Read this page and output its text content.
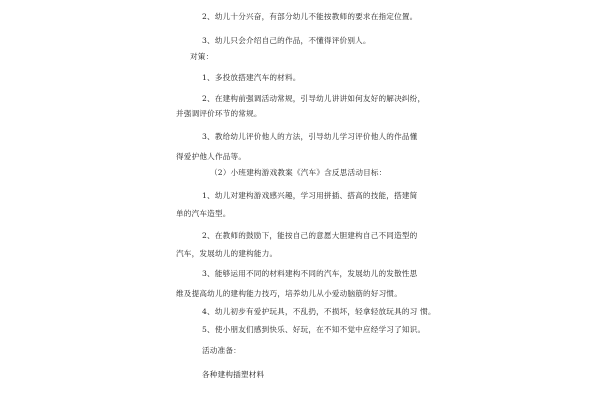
2、幼儿十分兴奋，有部分幼儿不能按教师的要求在指定位置。
3、幼儿只会介绍自己的作品，不懂得评价别人。
对策：
1、多投放搭建汽车的材料。
2、在建构前强调活动常规，引导幼儿讲讲如何友好的解决纠纷，
并强调评价环节的常规。
3、教给幼儿评价他人的方法，引导幼儿学习评价他人的作品懂
得爱护他人作品等。
（2）小班建构游戏教案《汽车》含反思活动目标：
1、幼儿对建构游戏感兴趣，学习用拼插、搭高的技能，搭建简
单的汽车造型。
2、在教师的鼓励下，能按自己的意愿大胆建构自己不同造型的
汽车，发展幼儿的建构能力。
3、能够运用不同的材料建构不同的汽车，发展幼儿的发散性思
维及提高幼儿的建构能力技巧，培养幼儿从小爱动脑筋的好习惯。
4、幼儿初步有爱护玩具，不乱扔，不损坏，轻拿轻放玩具的习 惯。
5、使小朋友们感到快乐、好玩，在不知不觉中应经学习了知识。
活动准备：
各种建构插塑材料
